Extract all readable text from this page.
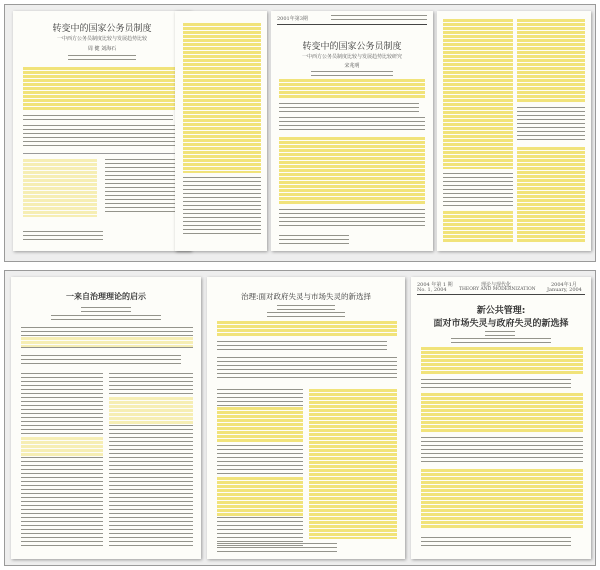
转变中的国家公务员制度
一中西方公务员制度比较与发展趋势比较
周 健 刘海石
2001年第3期
转变中的国家公务员制度
一中西方公务员制度比较与发展趋势比较研究
宋兆明
一来自治理理论的启示	治理:面对政府失灵与市场失灵的新选择
2004 年第 1 期
No. 1, 2004
理论与现代化
THEORY AND MODERNIZATION
2004年1月
January, 2004
新公共管理:
面对市场失灵与政府失灵的新选择
